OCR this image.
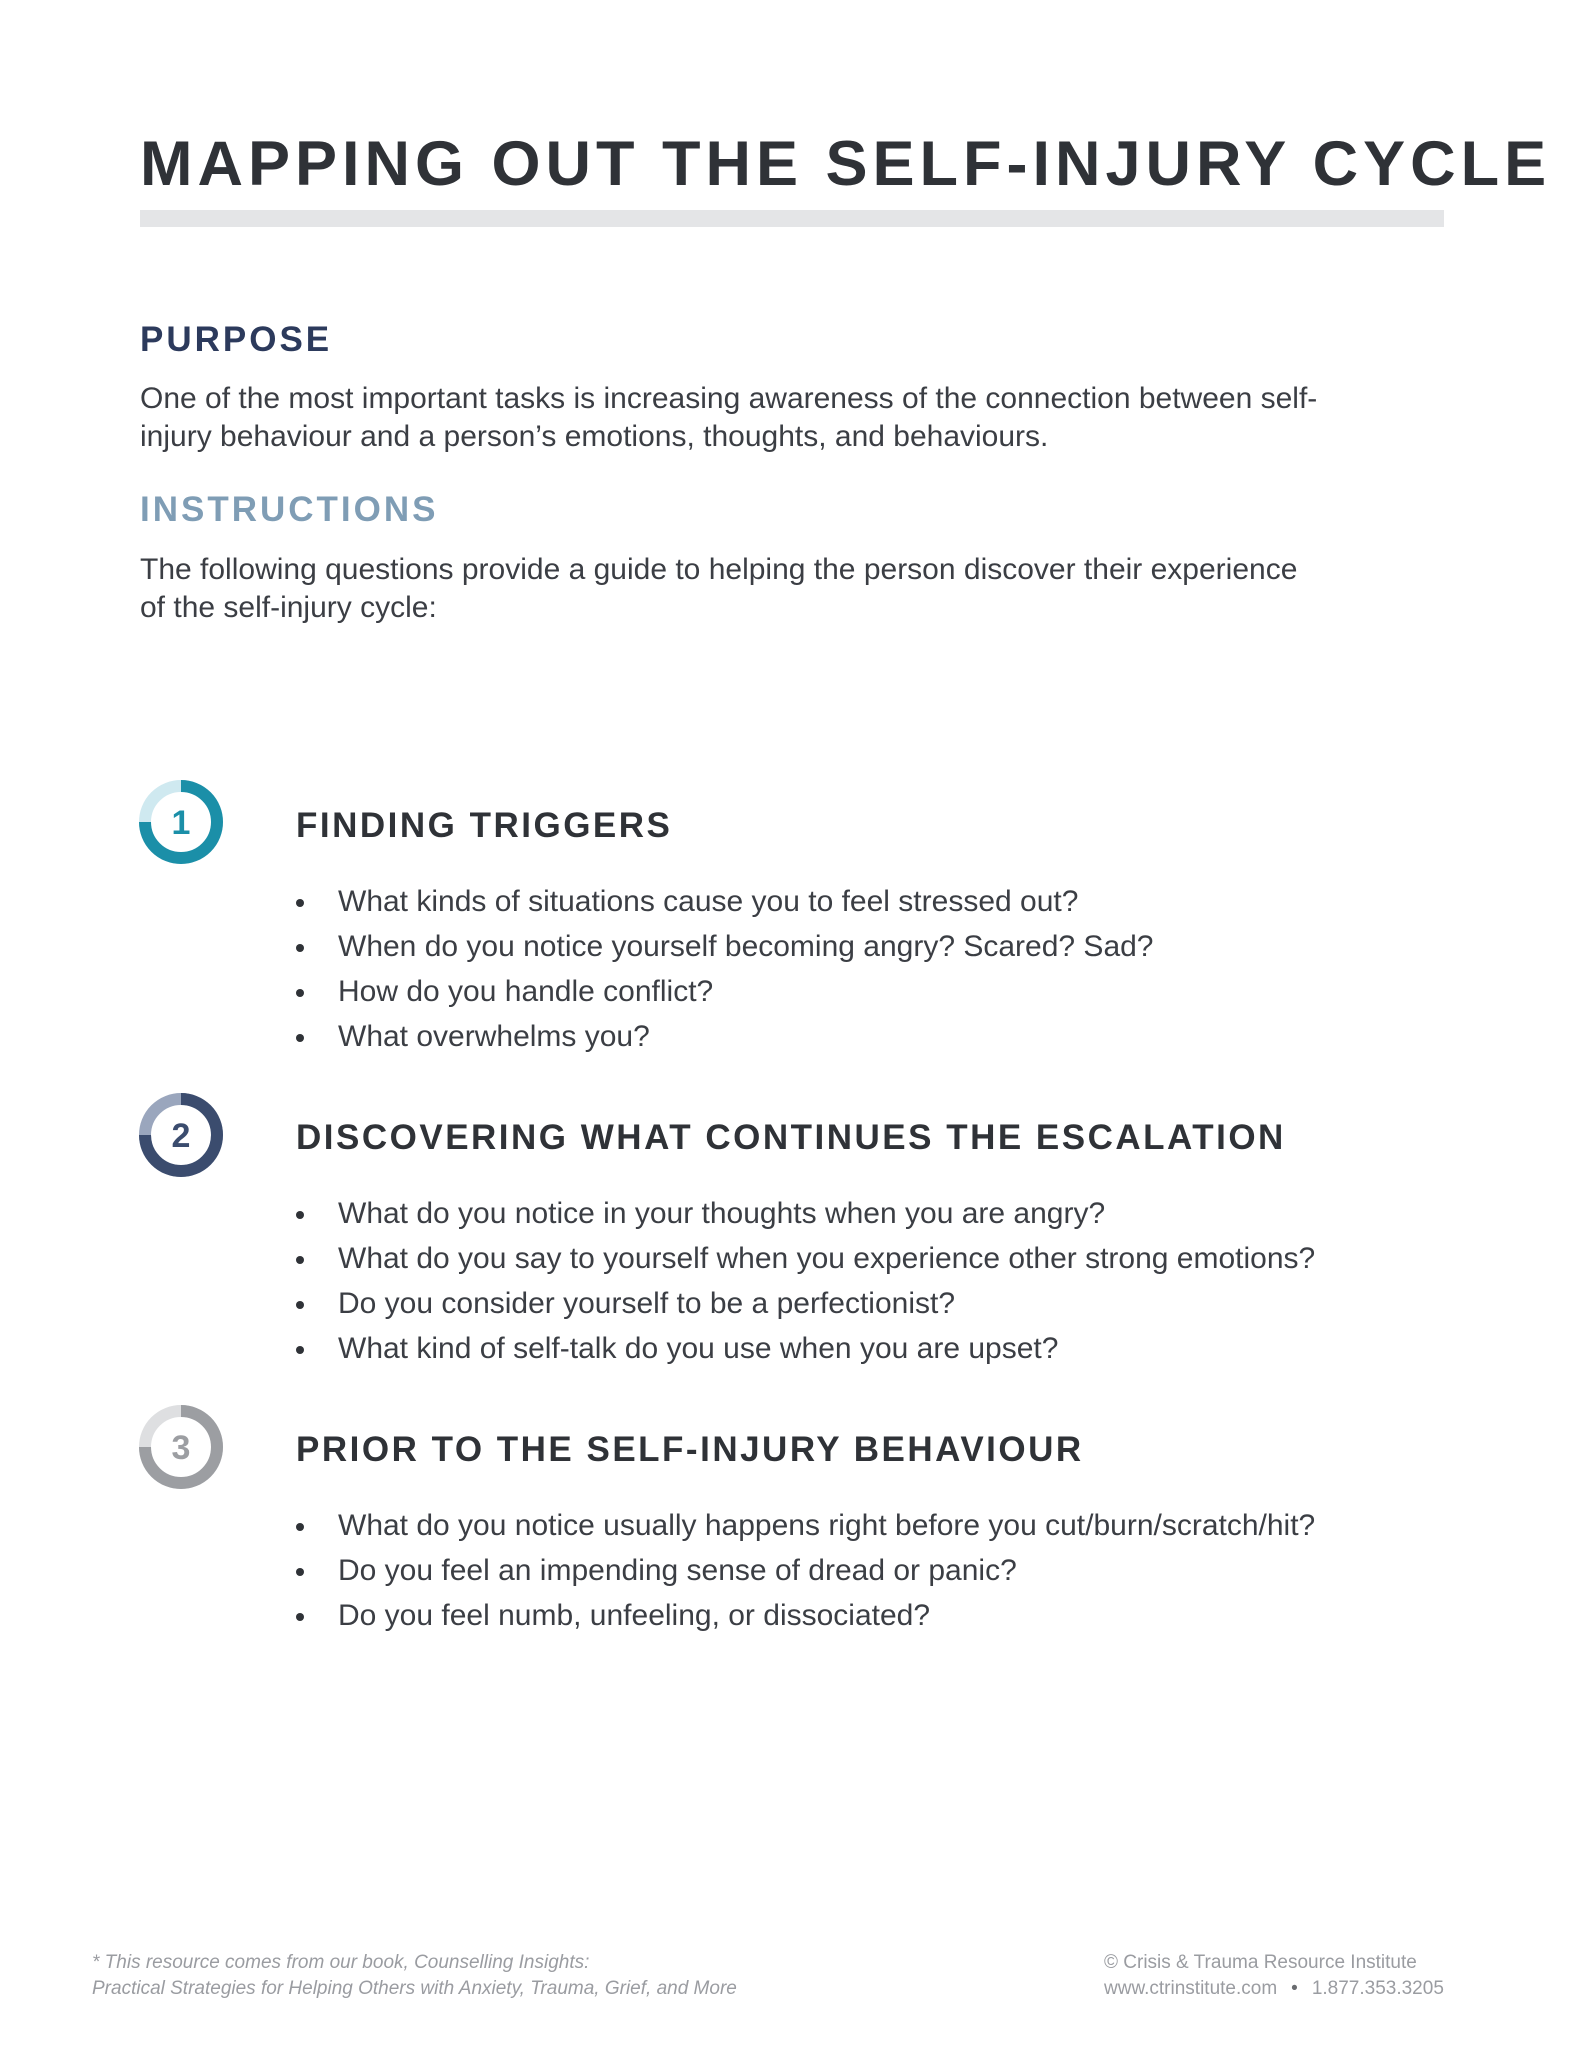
MAPPING OUT THE SELF-INJURY CYCLE
PURPOSE

One of the most important tasks is increasing awareness of the connection between self-
injury behaviour and a person’s emotions, thoughts, and behaviours.

INSTRUCTIONS

The following questions provide a guide to helping the person discover their experience
of the self-injury cycle:

1	FINDING TRIGGERS
What kinds of situations cause you to feel stressed out?
When do you notice yourself becoming angry? Scared? Sad?
How do you handle conflict?
What overwhelms you?
2	DISCOVERING WHAT CONTINUES THE ESCALATION
What do you notice in your thoughts when you are angry?
What do you say to yourself when you experience other strong emotions?
Do you consider yourself to be a perfectionist?
What kind of self-talk do you use when you are upset?
3	PRIOR TO THE SELF-INJURY BEHAVIOUR
What do you notice usually happens right before you cut/burn/scratch/hit?
Do you feel an impending sense of dread or panic?
Do you feel numb, unfeeling, or dissociated?
* This resource comes from our book, Counselling Insights:
Practical Strategies for Helping Others with Anxiety, Trauma, Grief, and More
© Crisis & Trauma Resource Institute
www.ctrinstitute.com • 1.877.353.3205
